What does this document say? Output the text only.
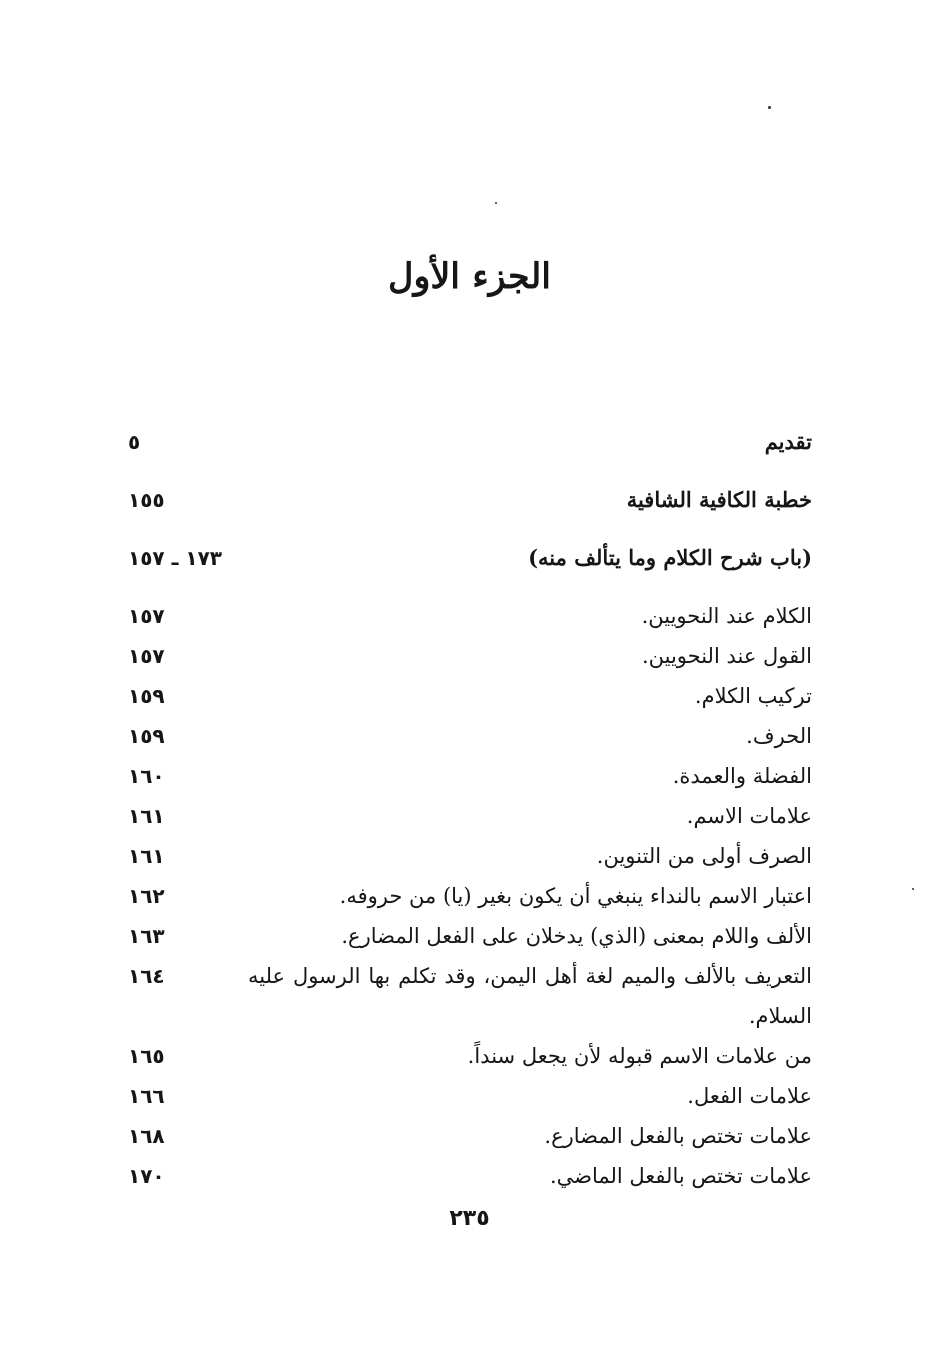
الجزء الأول
تقديم
٥
خطبة الكافية الشافية
١٥٥
(باب شرح الكلام وما يتألف منه)
١٧٣ ـ ١٥٧
الكلام عند النحويين.
١٥٧
القول عند النحويين.
١٥٧
تركيب الكلام.
١٥٩
الحرف.
١٥٩
الفضلة والعمدة.
١٦٠
علامات الاسم.
١٦١
الصرف أولى من التنوين.
١٦١
اعتبار الاسم بالنداء ينبغي أن يكون بغير (يا) من حروفه.
١٦٢
الألف واللام بمعنى (الذي) يدخلان على الفعل المضارع.
١٦٣
التعريف بالألف والميم لغة أهل اليمن، وقد تكلم بها الرسول عليه السلام.
١٦٤
من علامات الاسم قبوله لأن يجعل سنداً.
١٦٥
علامات الفعل.
١٦٦
علامات تختص بالفعل المضارع.
١٦٨
علامات تختص بالفعل الماضي.
١٧٠
٢٣٥
